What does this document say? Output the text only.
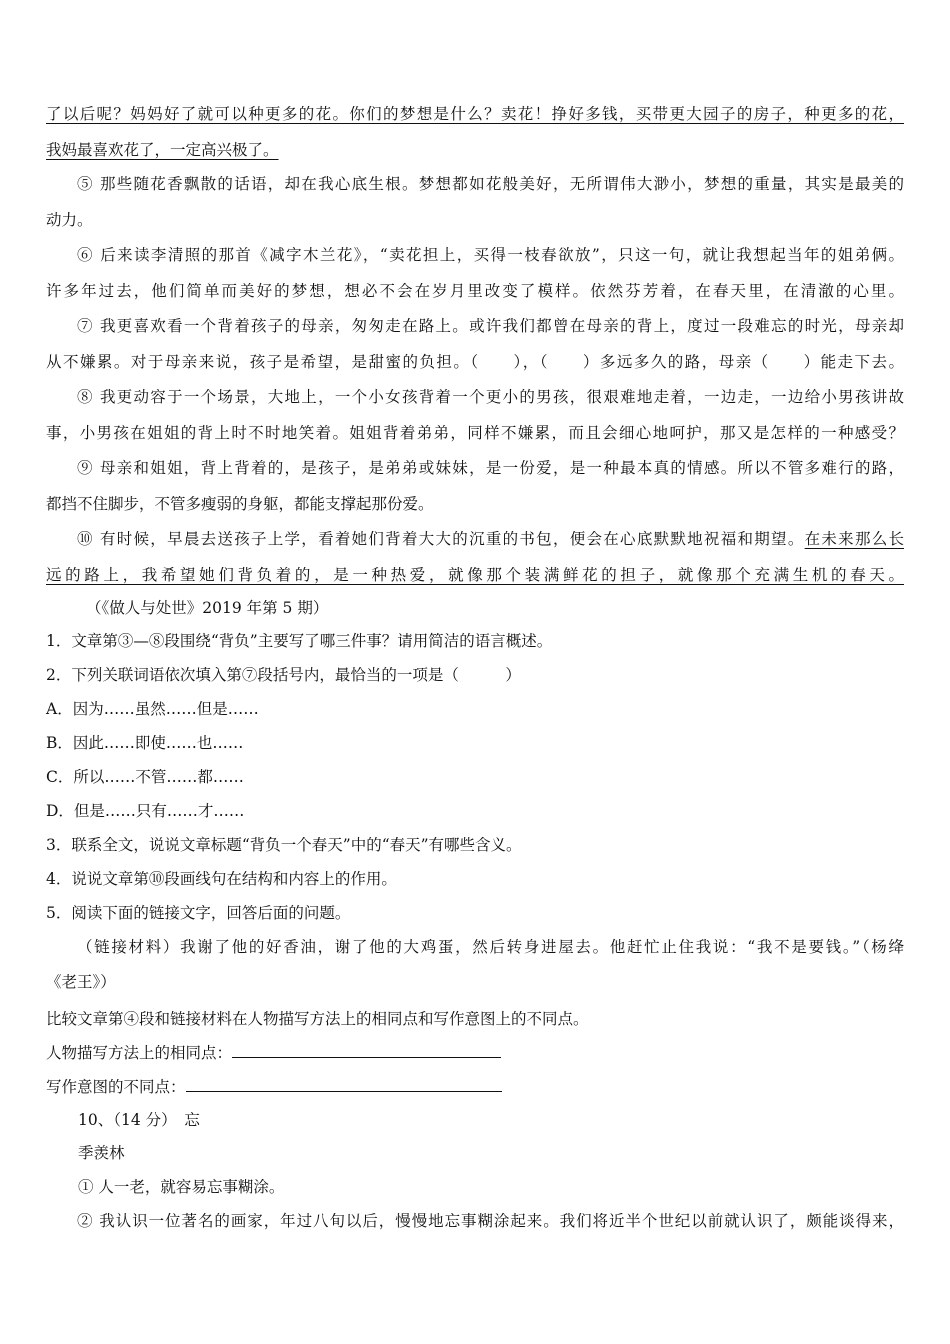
了以后呢？妈妈好了就可以种更多的花。你们的梦想是什么？卖花！挣好多钱，买带更大园子的房子，种更多的花，
我妈最喜欢花了，一定高兴极了。
⑤ 那些随花香飘散的话语，却在我心底生根。梦想都如花般美好，无所谓伟大渺小，梦想的重量，其实是最美的
动力。
⑥ 后来读李清照的那首《减字木兰花》，“卖花担上，买得一枝春欲放”，只这一句，就让我想起当年的姐弟俩。
许多年过去，他们简单而美好的梦想，想必不会在岁月里改变了模样。依然芬芳着，在春天里，在清澈的心里。
⑦ 我更喜欢看一个背着孩子的母亲，匆匆走在路上。或许我们都曾在母亲的背上，度过一段难忘的时光，母亲却
从不嫌累。对于母亲来说，孩子是希望，是甜蜜的负担。（　　），（　　）多远多久的路，母亲（　　）能走下去。
⑧ 我更动容于一个场景，大地上，一个小女孩背着一个更小的男孩，很艰难地走着，一边走，一边给小男孩讲故
事，小男孩在姐姐的背上时不时地笑着。姐姐背着弟弟，同样不嫌累，而且会细心地呵护，那又是怎样的一种感受？
⑨ 母亲和姐姐，背上背着的，是孩子，是弟弟或妹妹，是一份爱，是一种最本真的情感。所以不管多难行的路，
都挡不住脚步，不管多瘦弱的身躯，都能支撑起那份爱。
⑩ 有时候，早晨去送孩子上学，看着她们背着大大的沉重的书包，便会在心底默默地祝福和期望。在未来那么长
远的路上，我希望她们背负着的，是一种热爱，就像那个装满鲜花的担子，就像那个充满生机的春天。
（《做人与处世》2019 年第 5 期）
1．文章第③—⑧段围绕“背负”主要写了哪三件事？请用简洁的语言概述。
2．下列关联词语依次填入第⑦段括号内，最恰当的一项是（　　　）
A．因为……虽然……但是……
B．因此……即使……也……
C．所以……不管……都……
D．但是……只有……才……
3．联系全文，说说文章标题“背负一个春天”中的“春天”有哪些含义。
4．说说文章第⑩段画线句在结构和内容上的作用。
5．阅读下面的链接文字，回答后面的问题。
（链接材料）我谢了他的好香油，谢了他的大鸡蛋，然后转身进屋去。他赶忙止住我说：“我不是要钱。”（杨绛
《老王》）
比较文章第④段和链接材料在人物描写方法上的相同点和写作意图上的不同点。
人物描写方法上的相同点：
写作意图的不同点：
10、（14 分）　忘
季羡林
① 人一老，就容易忘事糊涂。
② 我认识一位著名的画家，年过八旬以后，慢慢地忘事糊涂起来。我们将近半个世纪以前就认识了，颇能谈得来，
